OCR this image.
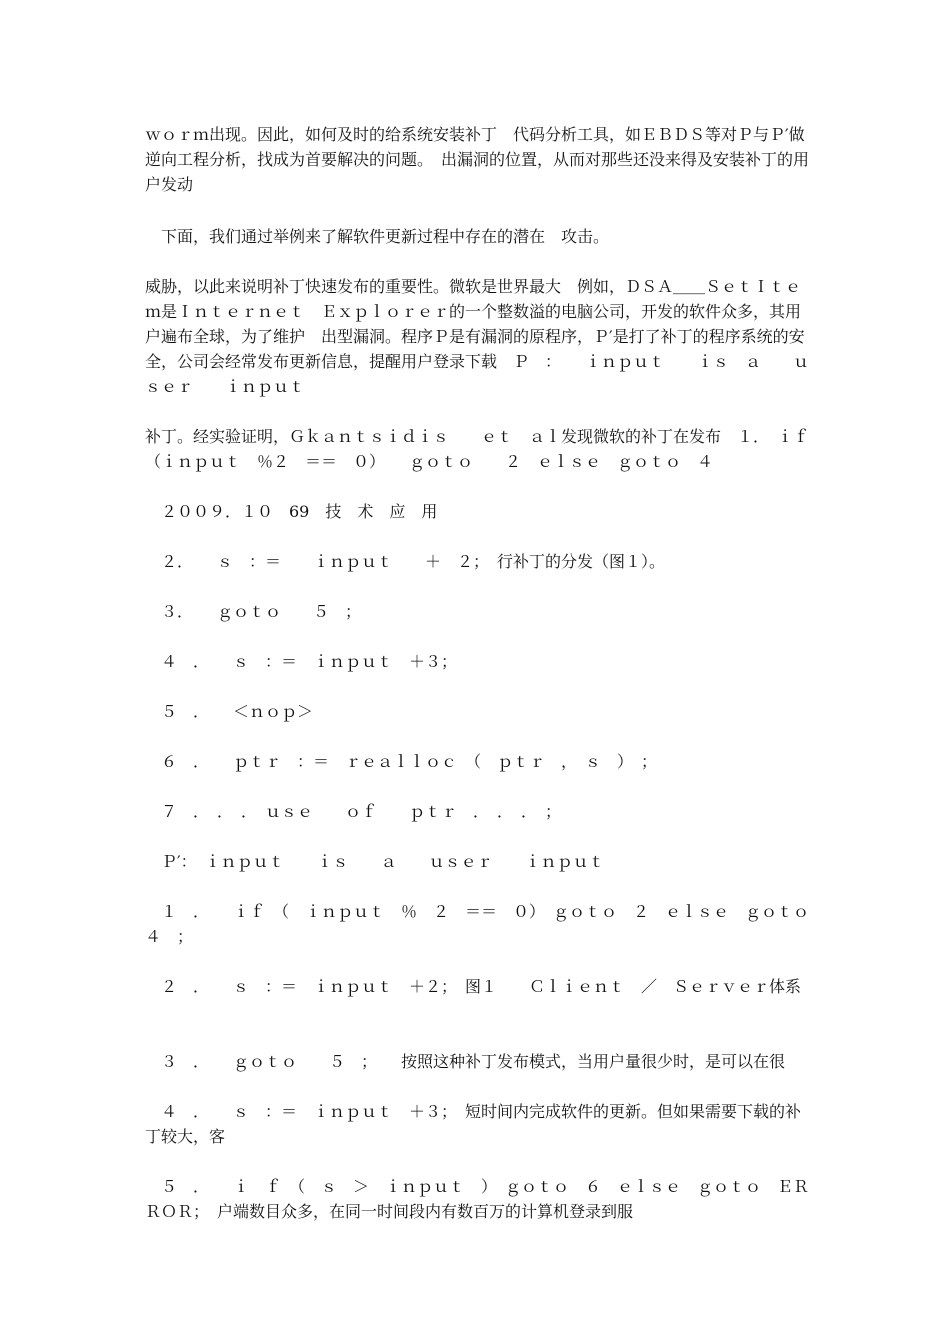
ｗｏｒｍ出现。因此，如何及时的给系统安装补丁　代码分析工具，如ＥＢＤＳ等对Ｐ与Ｐ′做逆向工程分析，找成为首要解决的问题。　出漏洞的位置，从而对那些还没来得及安装补丁的用户发动

　下面，我们通过举例来了解软件更新过程中存在的潜在　攻击。

威胁，以此来说明补丁快速发布的重要性。微软是世界最大　例如，ＤＳＡ＿＿ＳｅｔＩｔｅｍ是Ｉｎｔｅｒｎｅｔ　Ｅｘｐｌｏｒｅｒ的一个整数溢的电脑公司，开发的软件众多，其用户遍布全球，为了维护　出型漏洞。程序Ｐ是有漏洞的原程序，Ｐ′是打了补丁的程序系统的安全，公司会经常发布更新信息，提醒用户登录下载　Ｐ　：　　ｉｎｐｕｔ　　ｉｓ　ａ　　ｕｓｅｒ　　ｉｎｐｕｔ

补丁。经实验证明，Ｇｋａｎｔｓｉｄｉｓ　　ｅｔ　ａｌ发现微软的补丁在发布　１．　ｉｆ　（ｉｎｐｕｔ　％２　＝＝　０）　　ｇｏｔｏ　　２　ｅｌｓｅ　ｇｏｔｏ　４

　２００９．１０　69　技　术　应　用

　２．　　ｓ　：＝　　ｉｎｐｕｔ　　＋　２；　行补丁的分发（图１）。

　３．　　ｇｏｔｏ　　５　；

　４　．　　ｓ　：＝　ｉｎｐｕｔ　＋３；

　５　．　　＜ｎｏｐ＞

　６　．　　ｐｔｒ　：＝　ｒｅａｌｌｏｃ　（　ｐｔｒ　，　ｓ　）　；

　７　．　．　．　ｕｓｅ　　ｏｆ　　ｐｔｒ　．　．　．　；

　Ｐ′：　ｉｎｐｕｔ　　ｉｓ　　ａ　　ｕｓｅｒ　　ｉｎｐｕｔ

　１　．　　ｉｆ　（　ｉｎｐｕｔ　％　２　＝＝　０）　ｇｏｔｏ　２　ｅｌｓｅ　ｇｏｔｏ　４　；

　２　．　　ｓ　：＝　ｉｎｐｕｔ　＋２；　图１　　Ｃｌｉｅｎｔ　／　Ｓｅｒｖｅｒ体系

　３　．　　ｇｏｔｏ　　５　；　　按照这种补丁发布模式，当用户量很少时，是可以在很

　４　．　　ｓ　：＝　ｉｎｐｕｔ　＋３；　短时间内完成软件的更新。但如果需要下载的补丁较大，客

　５　．　　ｉ　ｆ　（　ｓ　＞　ｉｎｐｕｔ　）　ｇｏｔｏ　６　ｅｌｓｅ　ｇｏｔｏ　ＥＲＲＯＲ；　户端数目众多，在同一时间段内有数百万的计算机登录到服
